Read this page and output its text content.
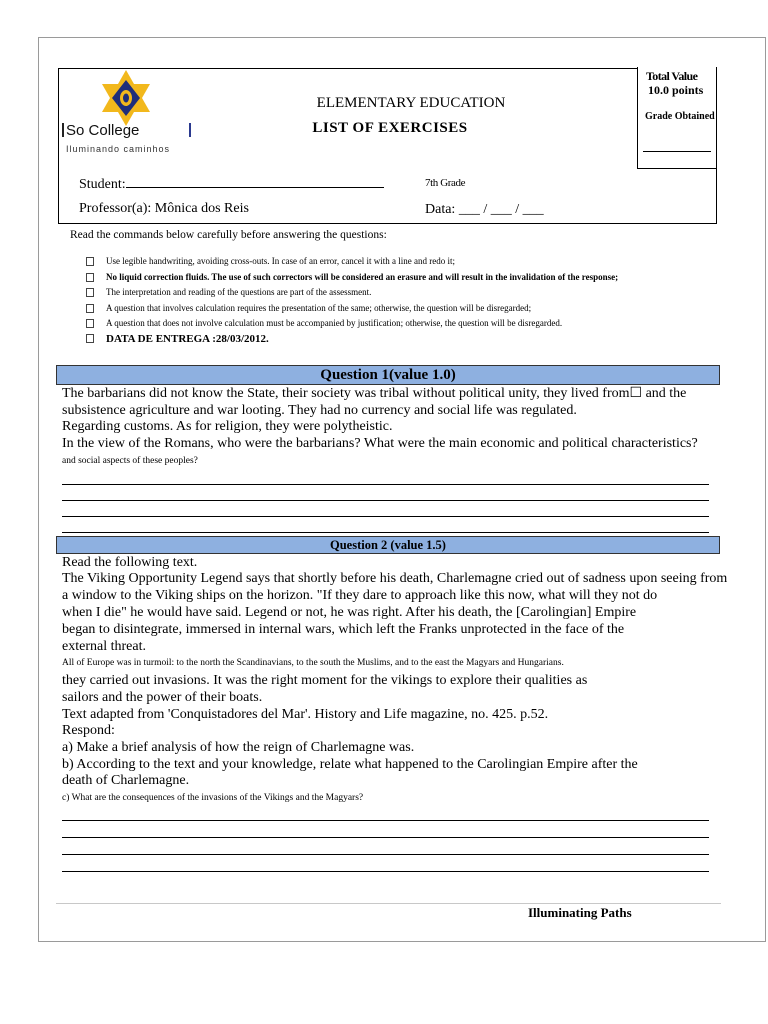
So College
Iluminando caminhos
ELEMENTARY EDUCATION
LIST OF EXERCISES
Total Value
10.0 points
Grade Obtained
Student:	7th Grade
Professor(a): Mônica dos Reis	Data: ___ / ___ / ___
Read the commands below carefully before answering the questions:
Use legible handwriting, avoiding cross-outs. In case of an error, cancel it with a line and redo it;
No liquid correction fluids. The use of such correctors will be considered an erasure and will result in the invalidation of the response;
The interpretation and reading of the questions are part of the assessment.
A question that involves calculation requires the presentation of the same; otherwise, the question will be disregarded;
A question that does not involve calculation must be accompanied by justification; otherwise, the question will be disregarded.
DATA DE ENTREGA :28/03/2012.
Question 1(value 1.0)
The barbarians did not know the State, their society was tribal without political unity, they lived from☐ and the
subsistence agriculture and war looting. They had no currency and social life was regulated.
Regarding customs. As for religion, they were polytheistic.
In the view of the Romans, who were the barbarians? What were the main economic and political characteristics?
and social aspects of these peoples?
Question 2 (value 1.5)
Read the following text.
The Viking Opportunity Legend says that shortly before his death, Charlemagne cried out of sadness upon seeing from
a window to the Viking ships on the horizon. "If they dare to approach like this now, what will they not do
when I die" he would have said. Legend or not, he was right. After his death, the [Carolingian] Empire
began to disintegrate, immersed in internal wars, which left the Franks unprotected in the face of the
external threat.
All of Europe was in turmoil: to the north the Scandinavians, to the south the Muslims, and to the east the Magyars and Hungarians.
they carried out invasions. It was the right moment for the vikings to explore their qualities as
sailors and the power of their boats.
Text adapted from 'Conquistadores del Mar'. History and Life magazine, no. 425. p.52.
Respond:
a) Make a brief analysis of how the reign of Charlemagne was.
b) According to the text and your knowledge, relate what happened to the Carolingian Empire after the
death of Charlemagne.
c) What are the consequences of the invasions of the Vikings and the Magyars?
Illuminating Paths
